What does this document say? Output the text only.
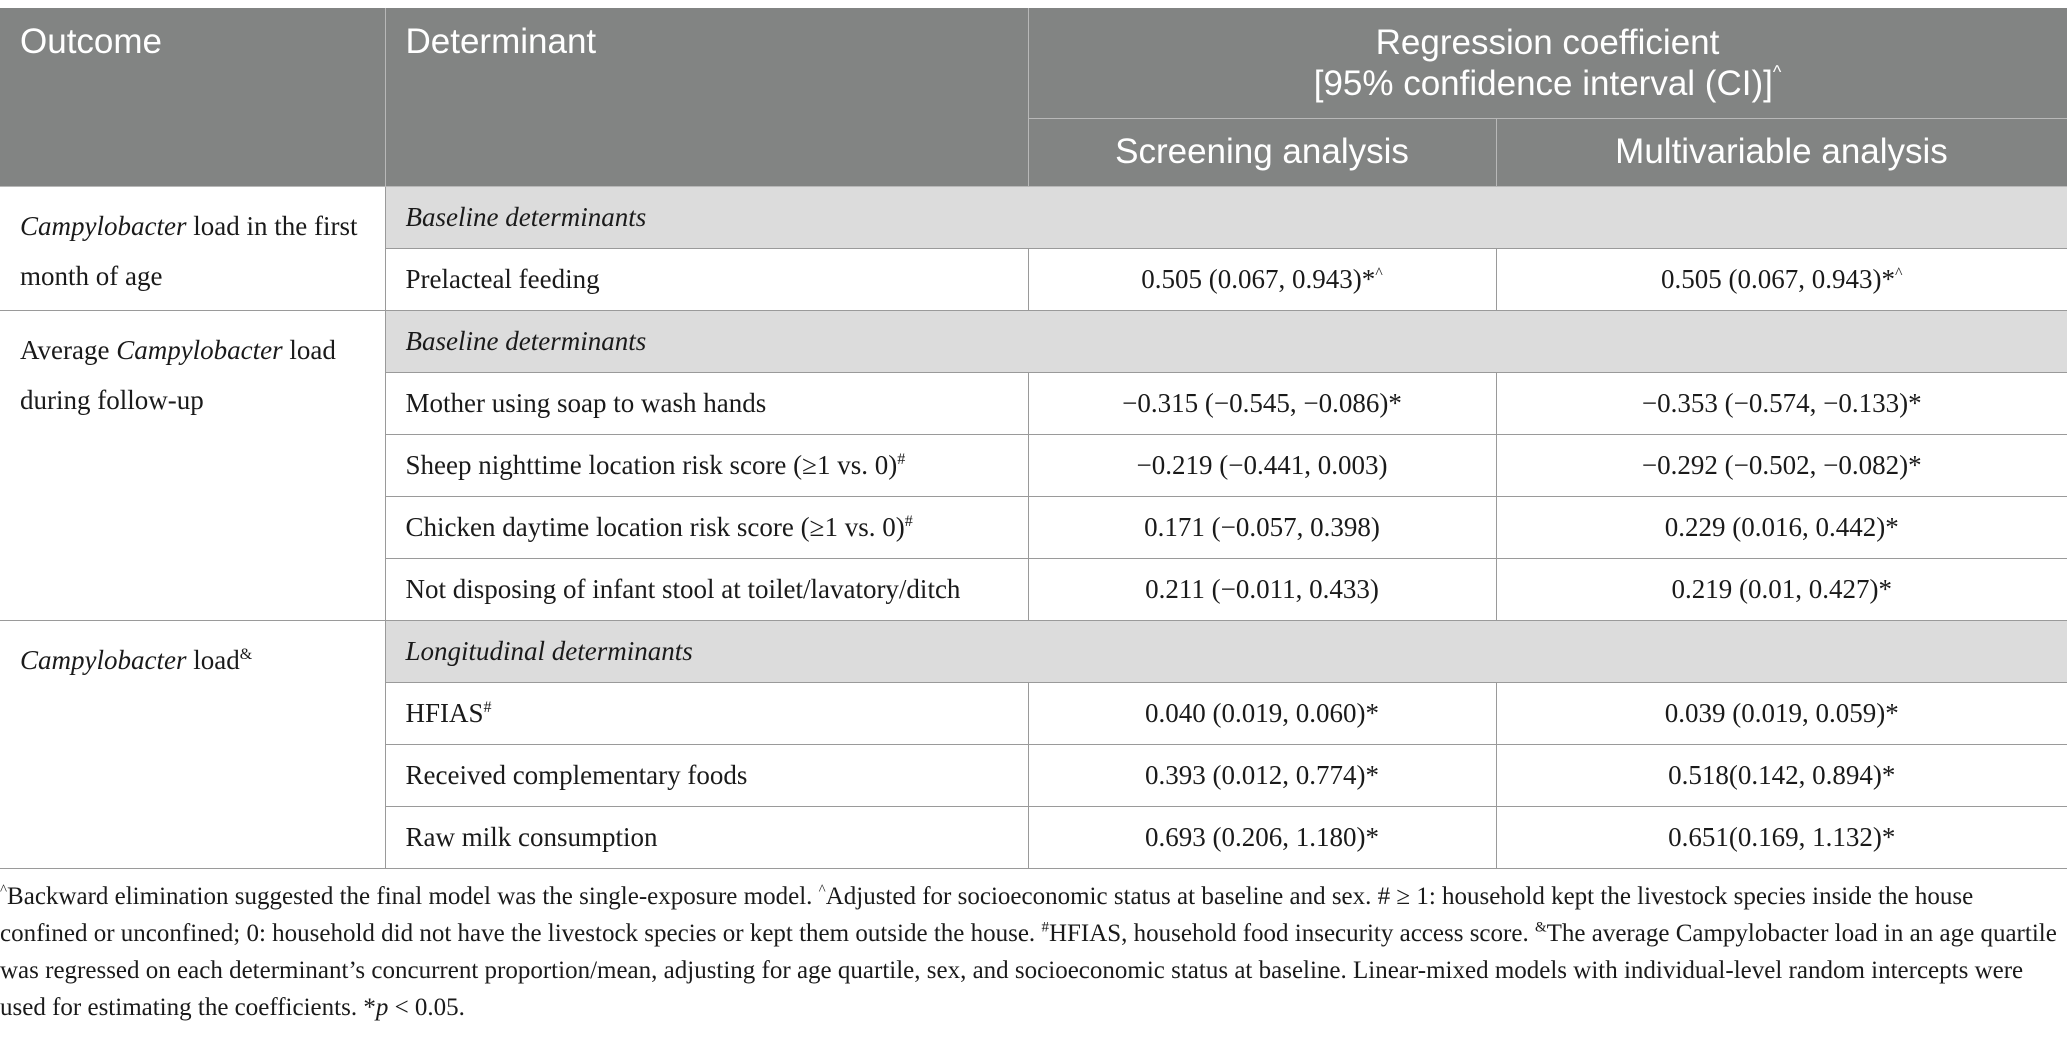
Outcome	Determinant	Regression coefficient
[95% confidence interval (CI)]^

		Screening analysis	Multivariable analysis
Campylobacter load in the first month of age	Baseline determinants		
	Prelacteal feeding	0.505 (0.067, 0.943)*^	0.505 (0.067, 0.943)*^
Average Campylobacter load during follow-up	Baseline determinants		
	Mother using soap to wash hands	−0.315 (−0.545, −0.086)*	−0.353 (−0.574, −0.133)*
	Sheep nighttime location risk score (≥1 vs. 0)#	−0.219 (−0.441, 0.003)	−0.292 (−0.502, −0.082)*
	Chicken daytime location risk score (≥1 vs. 0)#	0.171 (−0.057, 0.398)	0.229 (0.016, 0.442)*
	Not disposing of infant stool at toilet/lavatory/ditch	0.211 (−0.011, 0.433)	0.219 (0.01, 0.427)*
Campylobacter load&	Longitudinal determinants		
	HFIAS#	0.040 (0.019, 0.060)*	0.039 (0.019, 0.059)*
	Received complementary foods	0.393 (0.012, 0.774)*	0.518(0.142, 0.894)*
	Raw milk consumption	0.693 (0.206, 1.180)*	0.651(0.169, 1.132)*
^Backward elimination suggested the final model was the single-exposure model. ^Adjusted for socioeconomic status at baseline and sex. # ≥ 1: household kept the livestock species inside the house confined or unconfined; 0: household did not have the livestock species or kept them outside the house. #HFIAS, household food insecurity access score. &The average Campylobacter load in an age quartile was regressed on each determinant’s concurrent proportion/mean, adjusting for age quartile, sex, and socioeconomic status at baseline. Linear-mixed models with individual-level random intercepts were used for estimating the coefficients. *p < 0.05.
